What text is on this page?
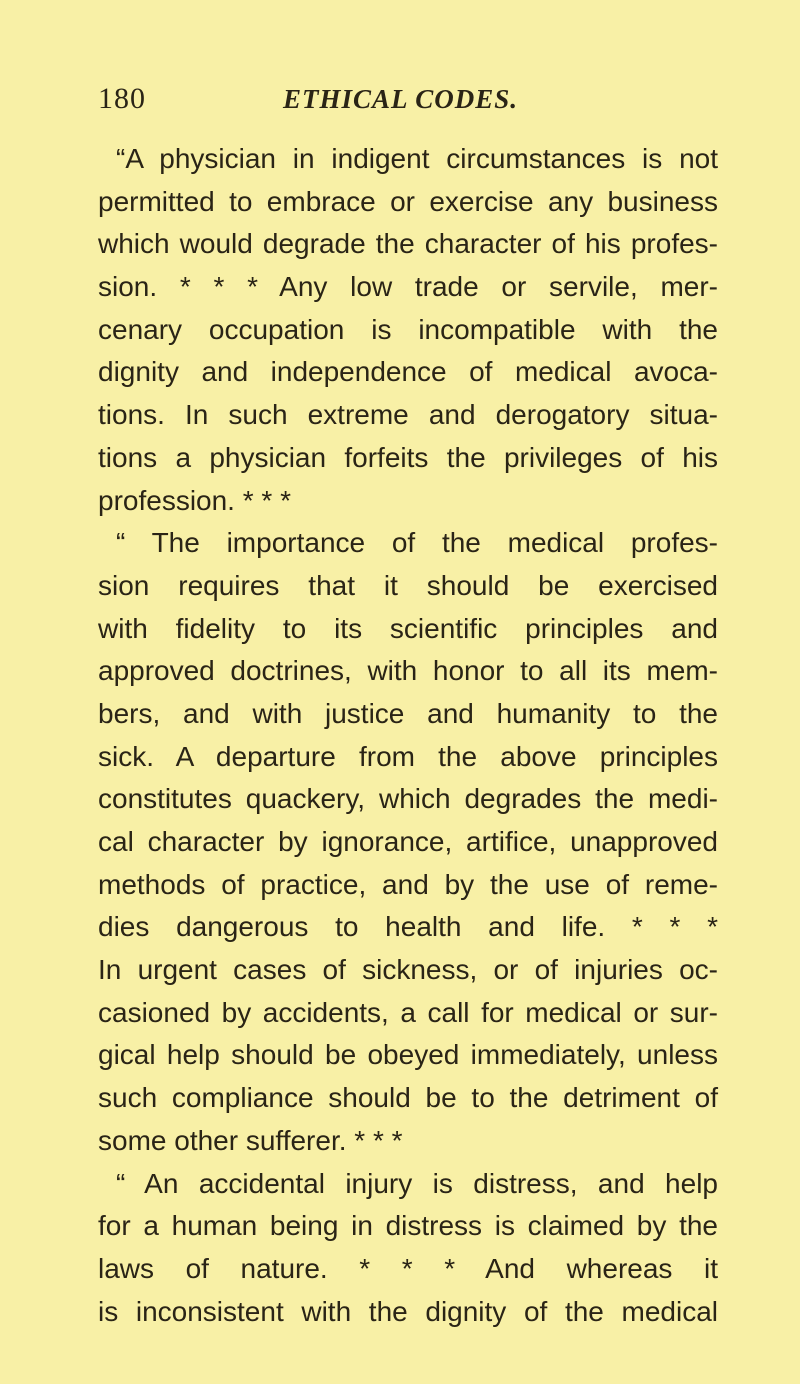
180	ETHICAL CODES.
“A physician in indigent circumstances is not
permitted to embrace or exercise any business
which would degrade the character of his profes-
sion. * * * Any low trade or servile, mer-
cenary occupation is incompatible with the
dignity and independence of medical avoca-
tions. In such extreme and derogatory situa-
tions a physician forfeits the privileges of his
profession. * * *
“ The importance of the medical profes-
sion requires that it should be exercised
with fidelity to its scientific principles and
approved doctrines, with honor to all its mem-
bers, and with justice and humanity to the
sick. A departure from the above principles
constitutes quackery, which degrades the medi-
cal character by ignorance, artifice, unapproved
methods of practice, and by the use of reme-
dies dangerous to health and life. * * *
In urgent cases of sickness, or of injuries oc-
casioned by accidents, a call for medical or sur-
gical help should be obeyed immediately, unless
such compliance should be to the detriment of
some other sufferer. * * *
“ An accidental injury is distress, and help
for a human being in distress is claimed by the
laws of nature. * * * And whereas it
is inconsistent with the dignity of the medical
